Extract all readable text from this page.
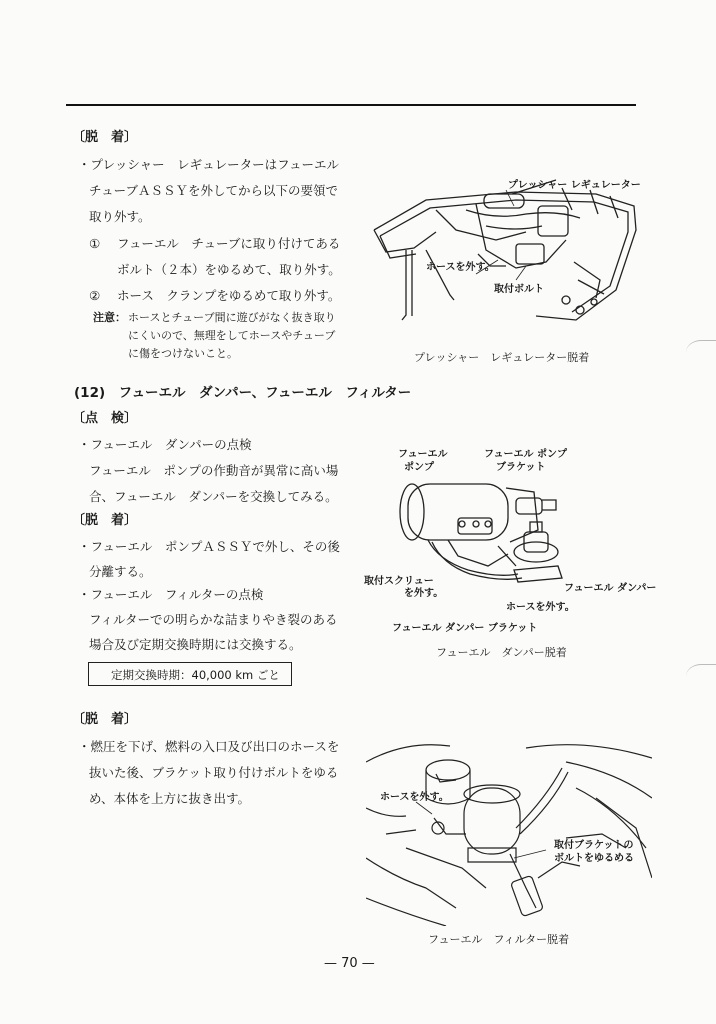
〔脱　着〕
・プレッシャー　レギュレーターはフューエル
チューブＡＳＳＹを外してから以下の要領で
取り外す。
① フューエル　チューブに取り付けてある
ボルト（２本）をゆるめて、取り外す。
② ホース　クランプをゆるめて取り外す。
注意： ホースとチューブ間に遊びがなく抜き取り
にくいので、無理をしてホースやチューブ
に傷をつけないこと。
プレッシャー レギュレーター
ホースを外す。
取付ボルト
プレッシャー　レギュレーター脱着
(12)　フューエル　ダンパー、フューエル　フィルター
〔点　検〕
・フューエル　ダンパーの点検
フューエル　ポンプの作動音が異常に高い場
合、フューエル　ダンパーを交換してみる。
〔脱　着〕
・フューエル　ポンプＡＳＳＹで外し、その後
分離する。
・フューエル　フィルターの点検
フィルターでの明らかな詰まりやき裂のある
場合及び定期交換時期には交換する。
定期交換時期：40,000 km ごと
フューエル
ポンプ
フューエル ポンプ
ブラケット
取付スクリュー
を外す。	フューエル ダンパー
ホースを外す。
フューエル ダンパー ブラケット
フューエル　ダンパー脱着
〔脱　着〕
・燃圧を下げ、燃料の入口及び出口のホースを
抜いた後、ブラケット取り付けボルトをゆる
め、本体を上方に抜き出す。	ホースを外す。
取付ブラケットの
ボルトをゆるめる
フューエル　フィルター脱着
— 70 —
